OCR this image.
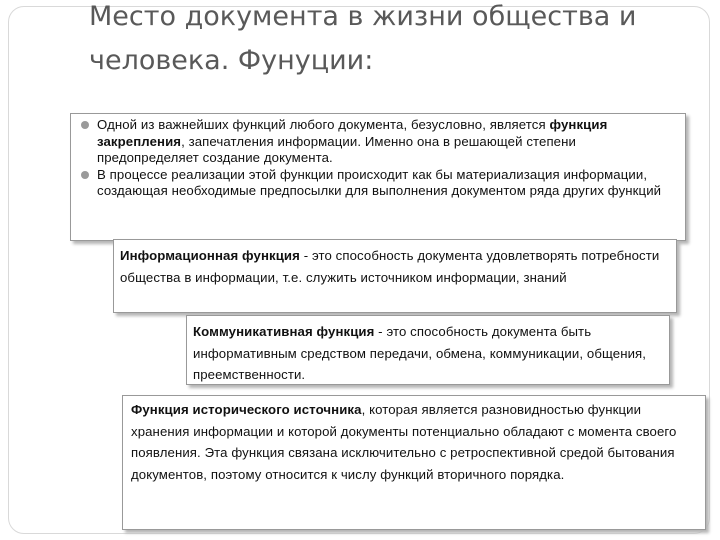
Место документа в жизни общества и
человека. Фунуции:
Одной из важнейших функций любого документа, безусловно, является функция закрепления, запечатления информации. Именно она в решающей степени предопределяет создание документа.
В процессе реализации этой функции происходит как бы материализация информации, создающая необходимые предпосылки для выполнения документом ряда других функций

Информационная функция - это способность документа удовлетворять потребности общества в информации, т.е. служить источником информации, знаний

Коммуникативная функция - это способность документа быть информативным средством передачи, обмена, коммуникации, общения, преемственности.

Функция исторического источника, которая является разновидностью функции хранения информации и которой документы потенциально обладают с момента своего появления. Эта функция связана исключительно с ретроспективной средой бытования документов, поэтому относится к числу функций вторичного порядка.
